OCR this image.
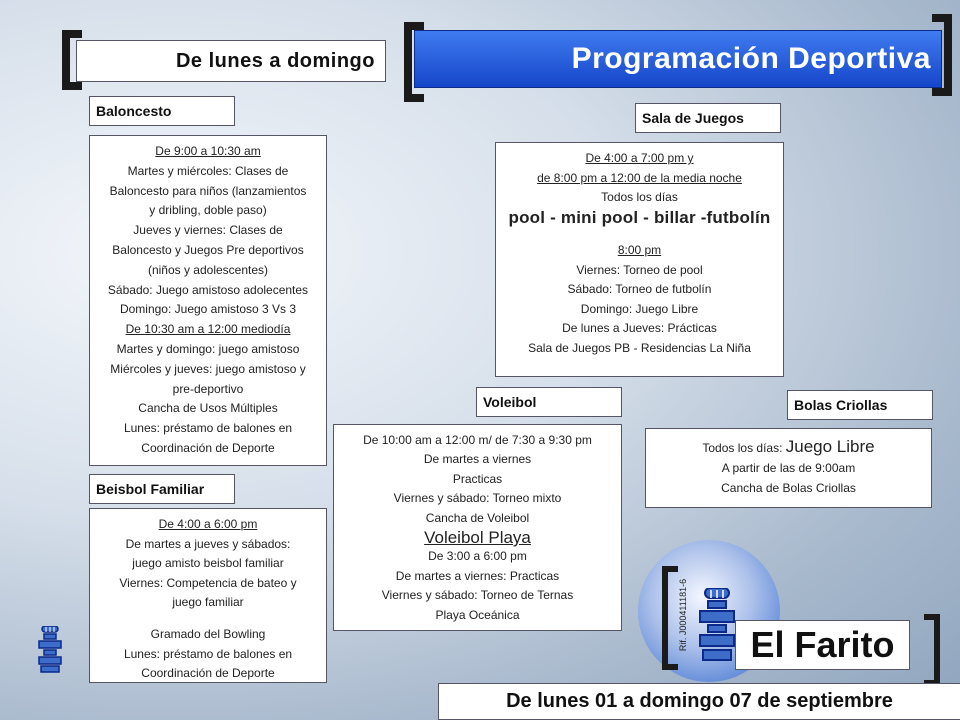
De lunes a domingo	Programación Deportiva
Baloncesto

De 9:00 a 10:30 am

Martes y miércoles: Clases de

Baloncesto para niños (lanzamientos

y dribling, doble paso)

Jueves y viernes: Clases de

Baloncesto y Juegos Pre deportivos

(niños y adolescentes)

Sábado: Juego amistoso adolecentes

Domingo: Juego amistoso 3 Vs 3

De 10:30 am a 12:00 mediodía

Martes y domingo: juego amistoso

Miércoles y jueves: juego amistoso y

pre-deportivo

Cancha de Usos Múltiples

Lunes: préstamo de balones en

Coordinación de Deporte

Beisbol Familiar

De 4:00 a 6:00 pm

De martes a jueves y sábados:

juego amisto beisbol familiar

Viernes: Competencia de bateo y

juego familiar

Gramado del Bowling

Lunes: préstamo de balones en

Coordinación de Deporte

Sala de Juegos

De 4:00 a 7:00 pm y

de 8:00 pm a 12:00 de la media noche

Todos los días

pool - mini pool - billar -futbolín

8:00 pm

Viernes: Torneo de pool

Sábado: Torneo de futbolín

Domingo: Juego Libre

De lunes a Jueves: Prácticas

Sala de Juegos PB - Residencias La Niña

Voleibol

De 10:00 am a 12:00 m/ de 7:30 a 9:30 pm

De martes a viernes

Practicas

Viernes y sábado: Torneo mixto

Cancha de Voleibol

Voleibol Playa

De 3:00 a 6:00 pm

De martes a viernes: Practicas

Viernes y sábado: Torneo de Ternas

Playa Oceánica

Bolas Criollas

Todos los días: Juego Libre

A partir de las de 9:00am

Cancha de Bolas Criollas

Rif. J000411181-6 El Farito
De lunes 01 a domingo 07 de septiembre
